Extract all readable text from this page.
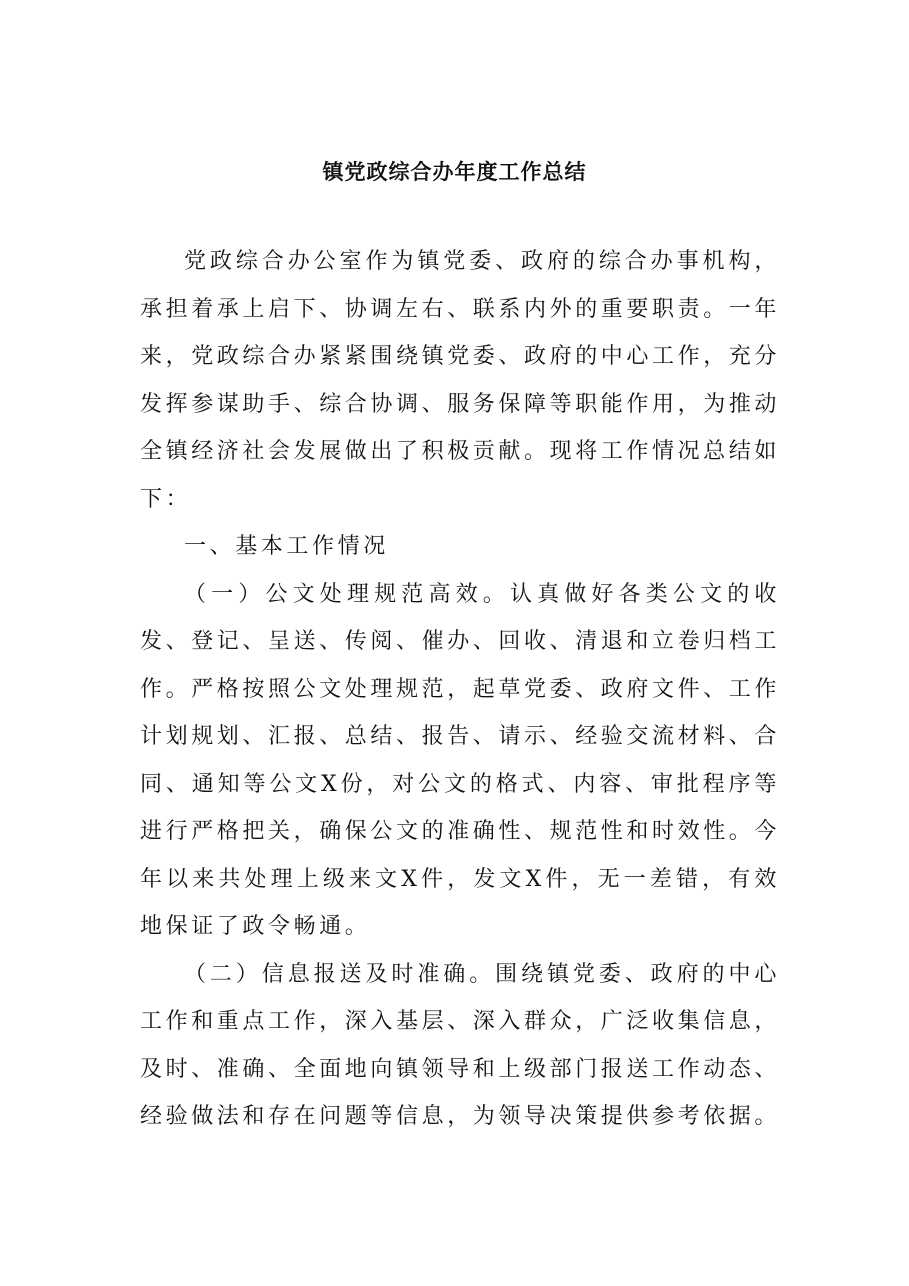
镇党政综合办年度工作总结

党政综合办公室作为镇党委、政府的综合办事机构，承担着承上启下、协调左右、联系内外的重要职责。一年来，党政综合办紧紧围绕镇党委、政府的中心工作，充分发挥参谋助手、综合协调、服务保障等职能作用，为推动全镇经济社会发展做出了积极贡献。现将工作情况总结如下：

一、基本工作情况

（一）公文处理规范高效。认真做好各类公文的收发、登记、呈送、传阅、催办、回收、清退和立卷归档工作。严格按照公文处理规范，起草党委、政府文件、工作计划规划、汇报、总结、报告、请示、经验交流材料、合同、通知等公文X份，对公文的格式、内容、审批程序等进行严格把关，确保公文的准确性、规范性和时效性。今年以来共处理上级来文X件，发文X件，无一差错，有效地保证了政令畅通。

（二）信息报送及时准确。围绕镇党委、政府的中心工作和重点工作，深入基层、深入群众，广泛收集信息，及时、准确、全面地向镇领导和上级部门报送工作动态、经验做法和存在问题等信息，为领导决策提供参考依据。
